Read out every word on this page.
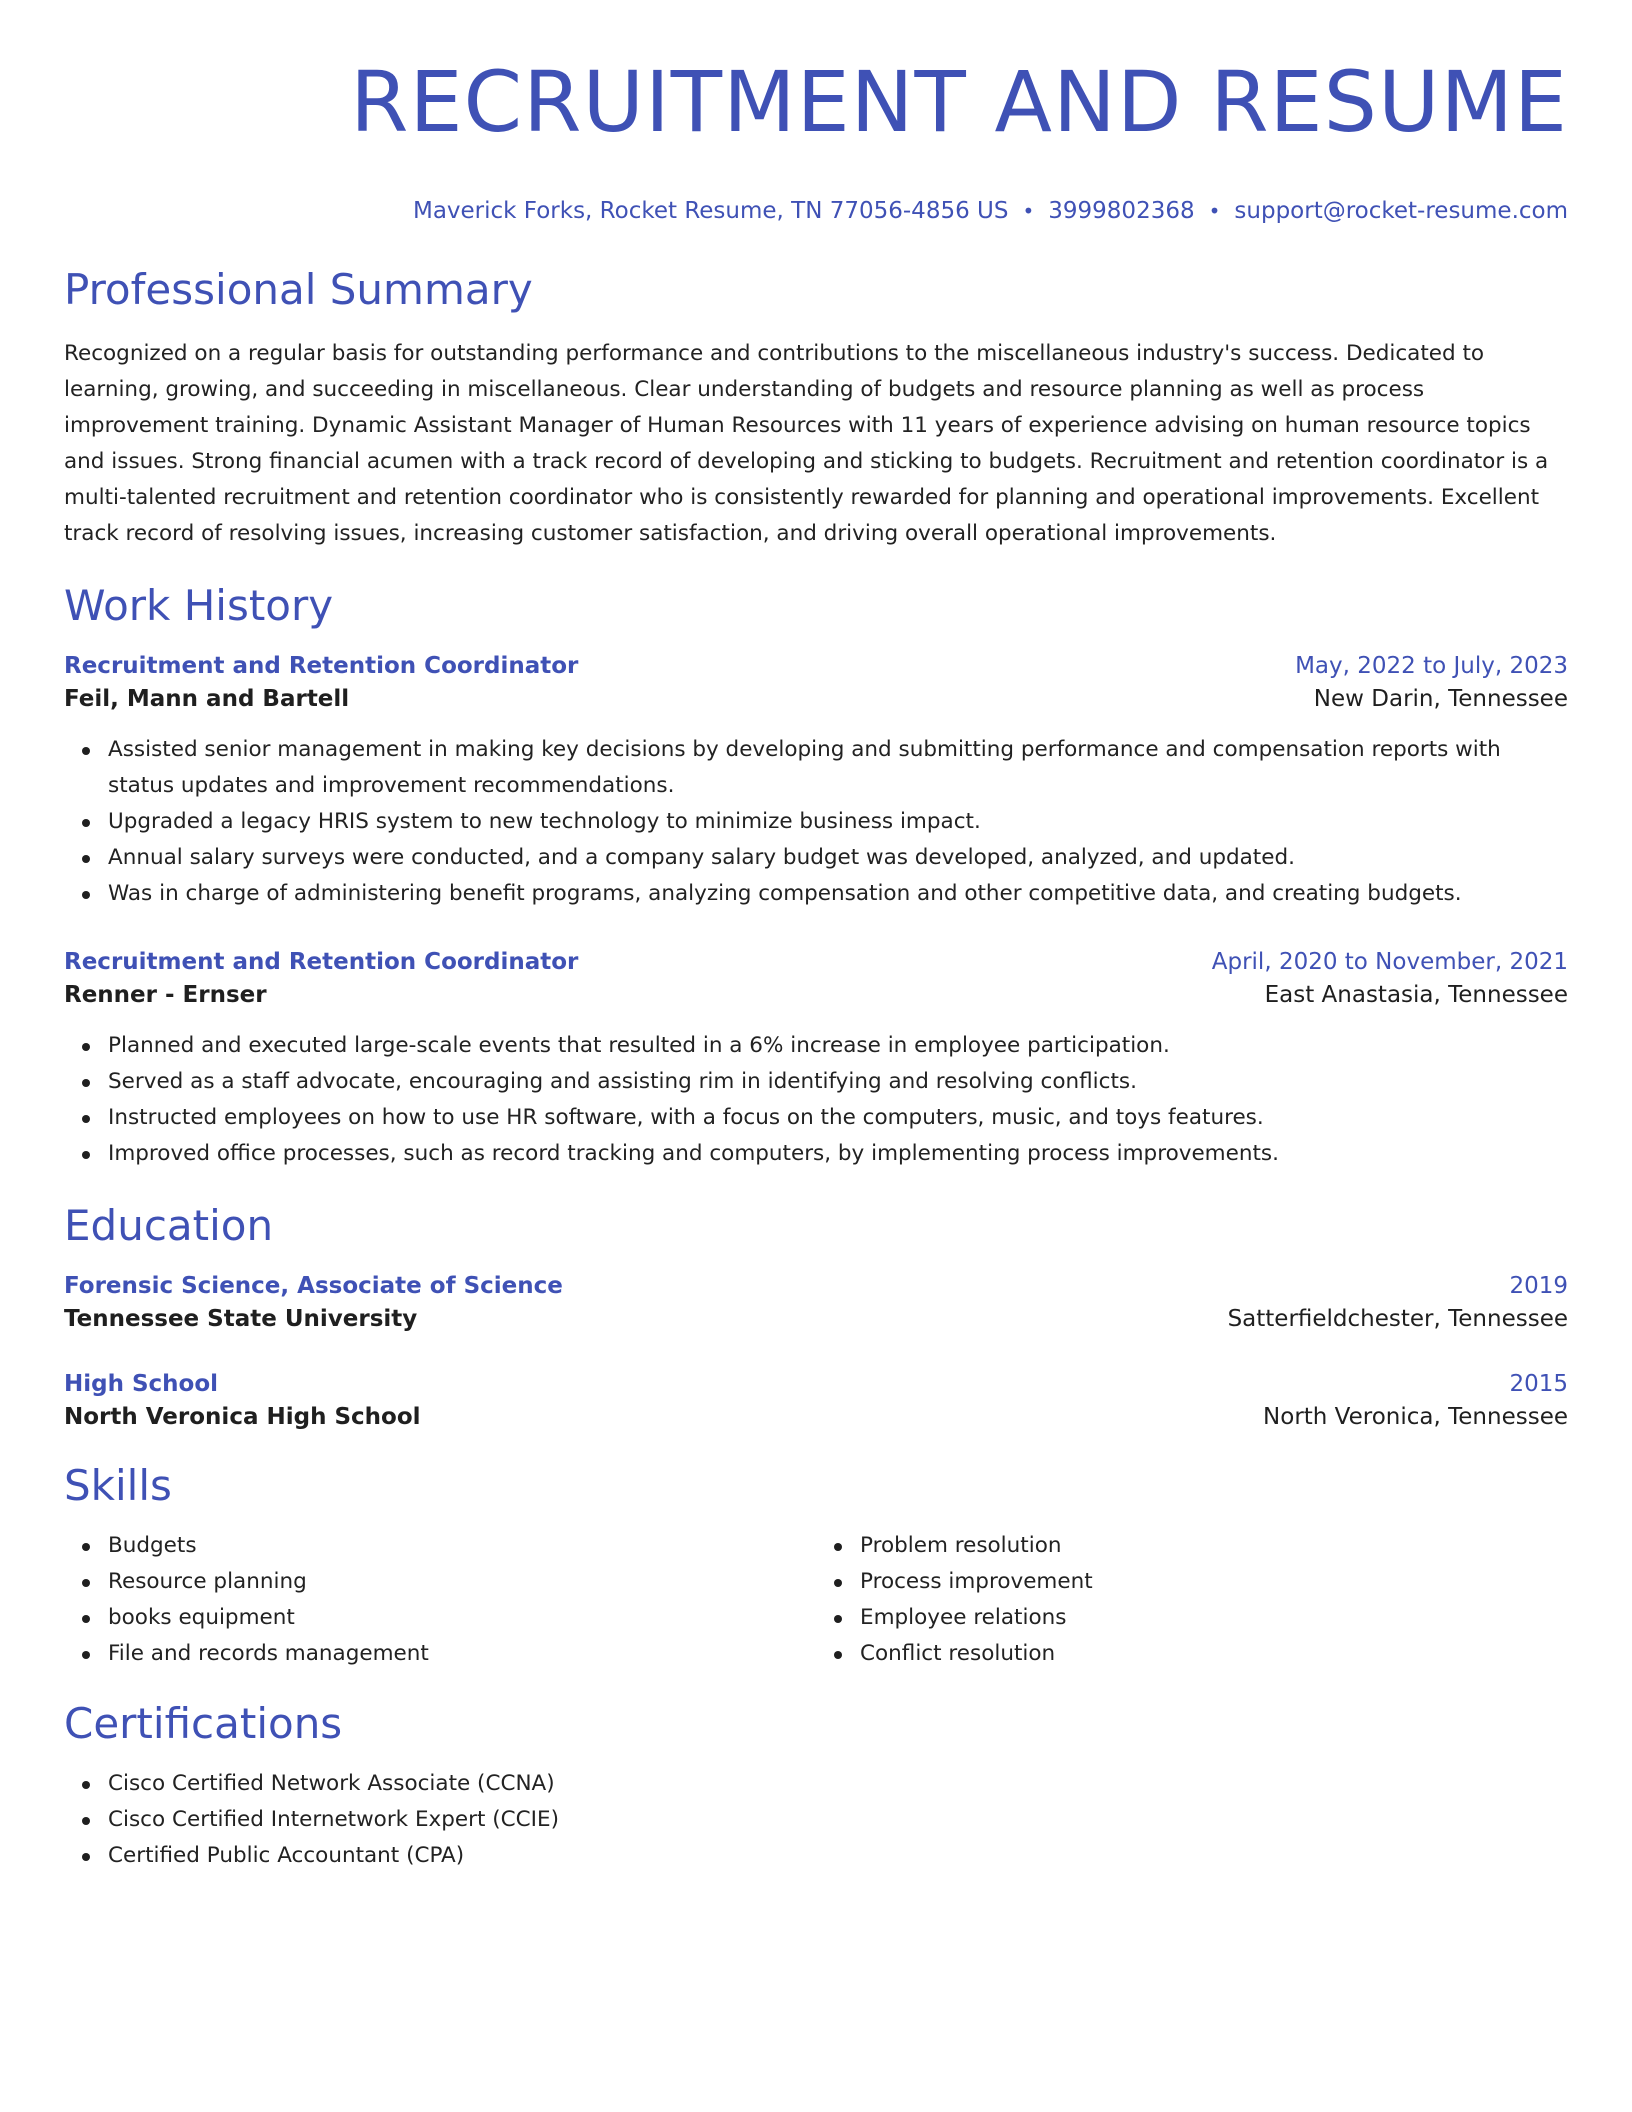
RECRUITMENT AND RESUME
Maverick Forks, Rocket Resume, TN 77056-4856 US • 3999802368 • support@rocket-resume.com
Professional Summary

Recognized on a regular basis for outstanding performance and contributions to the miscellaneous industry's success. Dedicated to learning, growing, and succeeding in miscellaneous. Clear understanding of budgets and resource planning as well as process improvement training. Dynamic Assistant Manager of Human Resources with 11 years of experience advising on human resource topics and issues. Strong financial acumen with a track record of developing and sticking to budgets. Recruitment and retention coordinator is a multi-talented recruitment and retention coordinator who is consistently rewarded for planning and operational improvements. Excellent track record of resolving issues, increasing customer satisfaction, and driving overall operational improvements.

Work History
Recruitment and Retention Coordinator	May, 2022 to July, 2023
Feil, Mann and Bartell	New Darin, Tennessee
Assisted senior management in making key decisions by developing and submitting performance and compensation reports with status updates and improvement recommendations.
Upgraded a legacy HRIS system to new technology to minimize business impact.
Annual salary surveys were conducted, and a company salary budget was developed, analyzed, and updated.
Was in charge of administering benefit programs, analyzing compensation and other competitive data, and creating budgets.
Recruitment and Retention Coordinator	April, 2020 to November, 2021
Renner - Ernser	East Anastasia, Tennessee
Planned and executed large-scale events that resulted in a 6% increase in employee participation.
Served as a staff advocate, encouraging and assisting rim in identifying and resolving conflicts.
Instructed employees on how to use HR software, with a focus on the computers, music, and toys features.
Improved office processes, such as record tracking and computers, by implementing process improvements.
Education
Forensic Science, Associate of Science	2019
Tennessee State University	Satterfieldchester, Tennessee
High School	2015
North Veronica High School	North Veronica, Tennessee
Skills
Budgets
Resource planning
books equipment
File and records management
Problem resolution
Process improvement
Employee relations
Conflict resolution
Certifications
Cisco Certified Network Associate (CCNA)
Cisco Certified Internetwork Expert (CCIE)
Certified Public Accountant (CPA)
